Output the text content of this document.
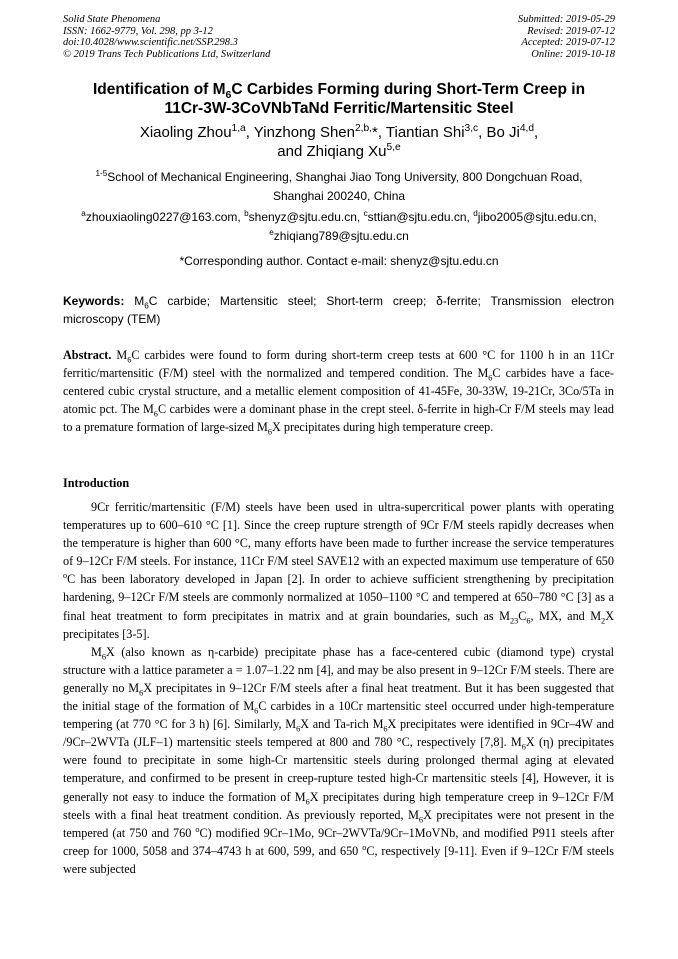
Solid State Phenomena
ISSN: 1662-9779, Vol. 298, pp 3-12
doi:10.4028/www.scientific.net/SSP.298.3
© 2019 Trans Tech Publications Ltd, Switzerland
Submitted: 2019-05-29
Revised: 2019-07-12
Accepted: 2019-07-12
Online: 2019-10-18
Identification of $M_6C$ Carbides Forming during Short-Term Creep in
11Cr-3W-3CoVNbTaNd Ferritic/Martensitic Steel
Xiaoling Zhou$^{1,a}$, Yinzhong Shen$^{2,b,}$*, Tiantian Shi$^{3,c}$, Bo Ji$^{4,d}$,
and Zhiqiang Xu$^{5,e}$
$^{1-5}$School of Mechanical Engineering, Shanghai Jiao Tong University, 800 Dongchuan Road,
Shanghai 200240, China
$^a$zhouxiaoling0227@163.com, $^b$shenyz@sjtu.edu.cn, $^c$sttian@sjtu.edu.cn, $^d$jibo2005@sjtu.edu.cn,
$^e$zhiqiang789@sjtu.edu.cn
*Corresponding author. Contact e-mail: shenyz@sjtu.edu.cn
Keywords: $M_6C$ carbide; Martensitic steel; Short-term creep; δ-ferrite; Transmission electron microscopy (TEM)
Abstract. $M_6C$ carbides were found to form during short-term creep tests at 600 °C for 1100 h in an 11Cr ferritic/martensitic (F/M) steel with the normalized and tempered condition. The $M_6C$ carbides have a face-centered cubic crystal structure, and a metallic element composition of 41-45Fe, 30-33W, 19-21Cr, 3Co/5Ta in atomic pct. The $M_6C$ carbides were a dominant phase in the crept steel. δ-ferrite in high-Cr F/M steels may lead to a premature formation of large-sized $M_6X$ precipitates during high temperature creep.
Introduction

9Cr ferritic/martensitic (F/M) steels have been used in ultra-supercritical power plants with operating temperatures up to 600–610 °C [1]. Since the creep rupture strength of 9Cr F/M steels rapidly decreases when the temperature is higher than 600 °C, many efforts have been made to further increase the service temperatures of 9–12Cr F/M steels. For instance, 11Cr F/M steel SAVE12 with an expected maximum use temperature of 650 $^o$C has been laboratory developed in Japan [2]. In order to achieve sufficient strengthening by precipitation hardening, 9–12Cr F/M steels are commonly normalized at 1050–1100 °C and tempered at 650–780 °C [3] as a final heat treatment to form precipitates in matrix and at grain boundaries, such as $M_{23}C_6$, MX, and $M_2X$ precipitates [3-5].

$M_6X$ (also known as η-carbide) precipitate phase has a face-centered cubic (diamond type) crystal structure with a lattice parameter a = 1.07–1.22 nm [4], and may be also present in 9–12Cr F/M steels. There are generally no $M_6X$ precipitates in 9–12Cr F/M steels after a final heat treatment. But it has been suggested that the initial stage of the formation of $M_6C$ carbides in a 10Cr martensitic steel occurred under high-temperature tempering (at 770 °C for 3 h) [6]. Similarly, $M_6X$ and Ta-rich $M_6X$ precipitates were identified in 9Cr–4W and /9Cr–2WVTa (JLF–1) martensitic steels tempered at 800 and 780 °C, respectively [7,8]. $M_6X$ (η) precipitates were found to precipitate in some high-Cr martensitic steels during prolonged thermal aging at elevated temperature, and confirmed to be present in creep-rupture tested high-Cr martensitic steels [4], However, it is generally not easy to induce the formation of $M_6X$ precipitates during high temperature creep in 9–12Cr F/M steels with a final heat treatment condition. As previously reported, $M_6X$ precipitates were not present in the tempered (at 750 and 760 $^o$C) modified 9Cr–1Mo, 9Cr–2WVTa/9Cr–1MoVNb, and modified P911 steels after creep for 1000, 5058 and 374–4743 h at 600, 599, and 650 $^o$C, respectively [9-11]. Even if 9–12Cr F/M steels were subjected
